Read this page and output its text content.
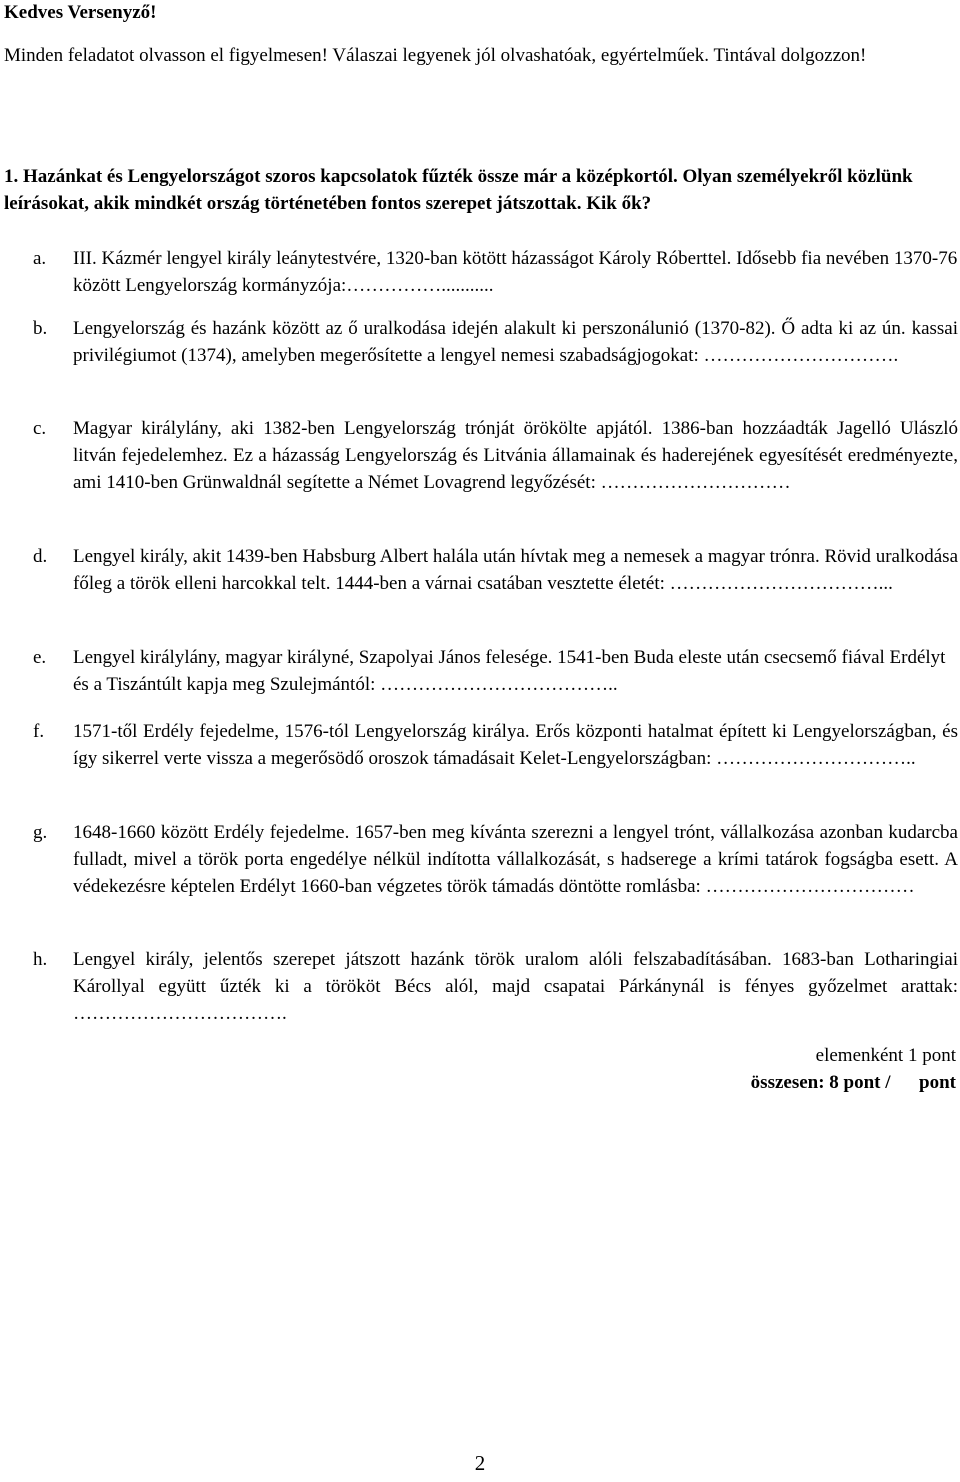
Kedves Versenyző!
Minden feladatot olvasson el figyelmesen! Válaszai legyenek jól olvashatóak, egyértelműek. Tintával dolgozzon!
1. Hazánkat és Lengyelországot szoros kapcsolatok fűzték össze már a középkortól. Olyan személyekről közlünk leírásokat, akik mindkét ország történetében fontos szerepet játszottak. Kik ők?
a. III. Kázmér lengyel király leánytestvére, 1320-ban kötött házasságot Károly Róberttel. Idősebb fia nevében 1370-76 között Lengyelország kormányzója:……………...........
b. Lengyelország és hazánk között az ő uralkodása idején alakult ki perszonálunió (1370-82). Ő adta ki az ún. kassai privilégiumot (1374), amelyben megerősítette a lengyel nemesi szabadságjogokat: ………………………….
c. Magyar királylány, aki 1382-ben Lengyelország trónját örökölte apjától. 1386-ban hozzáadták Jagelló Ulászló litván fejedelemhez. Ez a házasság Lengyelország és Litvánia államainak és haderejének egyesítését eredményezte, ami 1410-ben Grünwaldnál segítette a Német Lovagrend legyőzését: …………………………
d. Lengyel király, akit 1439-ben Habsburg Albert halála után hívtak meg a nemesek a magyar trónra. Rövid uralkodása főleg a török elleni harcokkal telt. 1444-ben a várnai csatában vesztette életét: ……………………………...
e. Lengyel királylány, magyar királyné, Szapolyai János felesége. 1541-ben Buda eleste után csecsemő fiával Erdélyt és a Tiszántúlt kapja meg Szulejmántól: ………………………………..
f. 1571-től Erdély fejedelme, 1576-tól Lengyelország királya. Erős központi hatalmat épített ki Lengyelországban, és így sikerrel verte vissza a megerősödő oroszok támadásait Kelet-Lengyelországban: …………………………..
g. 1648-1660 között Erdély fejedelme. 1657-ben meg kívánta szerezni a lengyel trónt, vállalkozása azonban kudarcba fulladt, mivel a török porta engedélye nélkül indította vállalkozását, s hadserege a krími tatárok fogságba esett. A védekezésre képtelen Erdélyt 1660-ban végzetes török támadás döntötte romlásba: ……………………………
h. Lengyel király, jelentős szerepet játszott hazánk török uralom alóli felszabadításában. 1683-ban Lotharingiai Károllyal együtt űzték ki a törököt Bécs alól, majd csapatai Párkánynál is fényes győzelmet arattak: …………………………….
elemenként 1 pont
összesen: 8 pont /      pont
2
